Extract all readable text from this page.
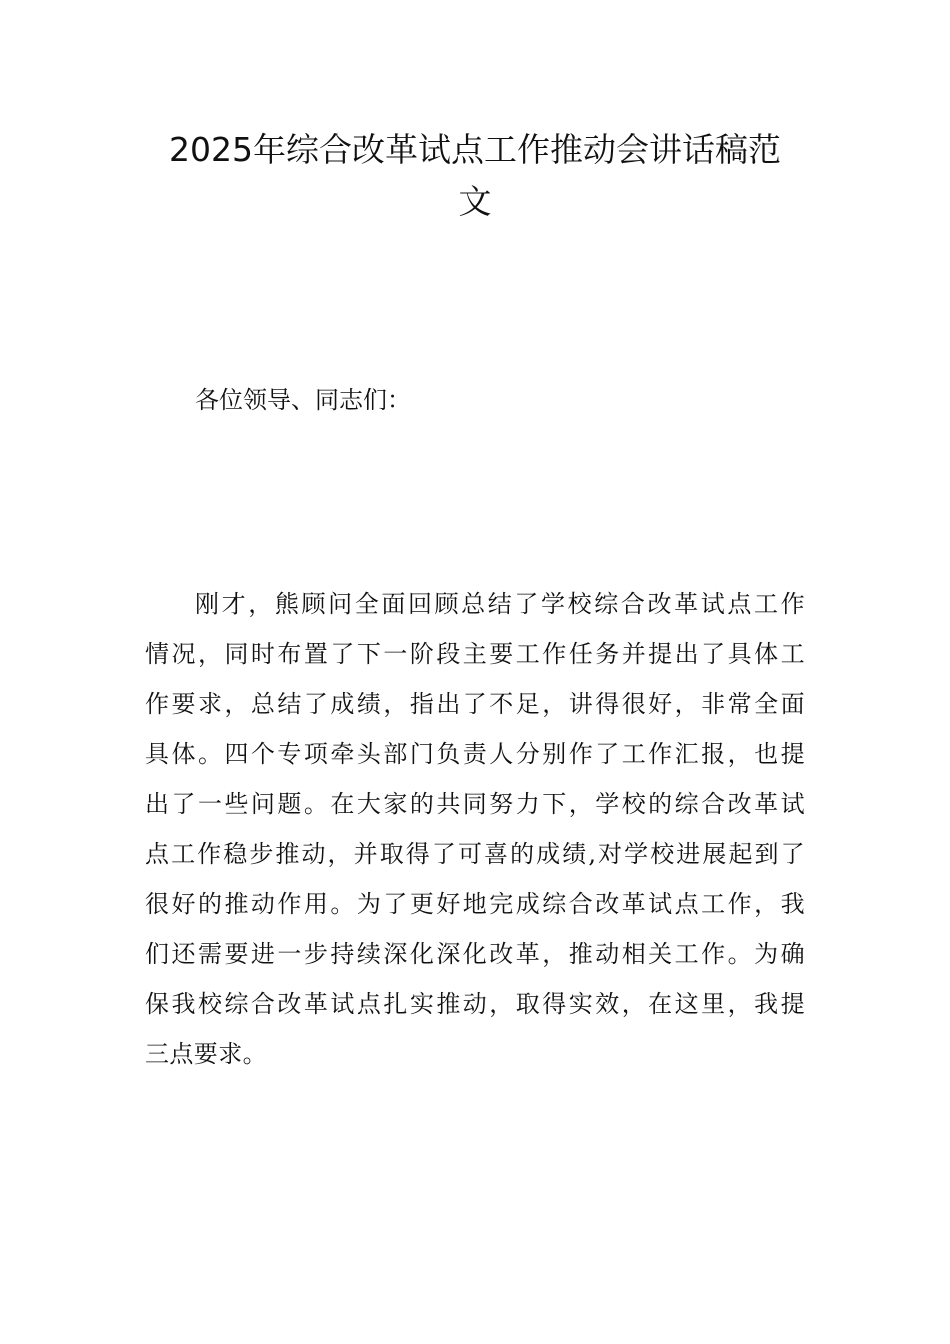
2025年综合改革试点工作推动会讲话稿范
文

各位领导、同志们：

刚才，熊顾问全面回顾总结了学校综合改革试点工作
情况，同时布置了下一阶段主要工作任务并提出了具体工
作要求，总结了成绩，指出了不足，讲得很好，非常全面
具体。四个专项牵头部门负责人分别作了工作汇报，也提
出了一些问题。在大家的共同努力下，学校的综合改革试
点工作稳步推动，并取得了可喜的成绩,对学校进展起到了
很好的推动作用。为了更好地完成综合改革试点工作，我
们还需要进一步持续深化深化改革，推动相关工作。为确
保我校综合改革试点扎实推动，取得实效，在这里，我提
三点要求。
